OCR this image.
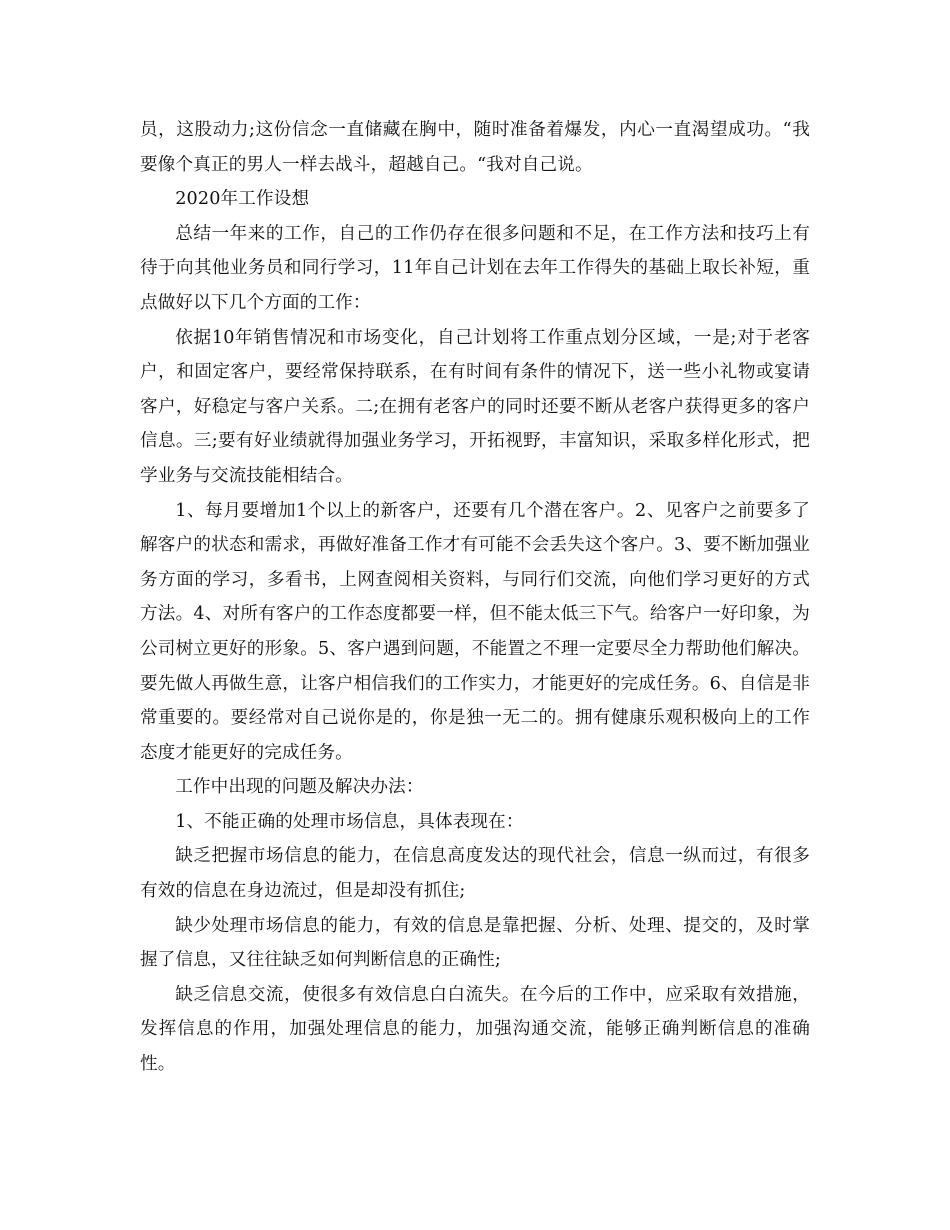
员，这股动力;这份信念一直储藏在胸中，随时准备着爆发，内心一直渴望成功。“我要像个真正的男人一样去战斗，超越自己。“我对自己说。

2020年工作设想

总结一年来的工作，自己的工作仍存在很多问题和不足，在工作方法和技巧上有待于向其他业务员和同行学习，11年自己计划在去年工作得失的基础上取长补短，重点做好以下几个方面的工作：

依据10年销售情况和市场变化，自己计划将工作重点划分区域，一是;对于老客户，和固定客户，要经常保持联系，在有时间有条件的情况下，送一些小礼物或宴请客户，好稳定与客户关系。二;在拥有老客户的同时还要不断从老客户获得更多的客户信息。三;要有好业绩就得加强业务学习，开拓视野，丰富知识，采取多样化形式，把学业务与交流技能相结合。

1、每月要增加1个以上的新客户，还要有几个潜在客户。2、见客户之前要多了解客户的状态和需求，再做好准备工作才有可能不会丢失这个客户。3、要不断加强业务方面的学习，多看书，上网查阅相关资料，与同行们交流，向他们学习更好的方式方法。4、对所有客户的工作态度都要一样，但不能太低三下气。给客户一好印象，为公司树立更好的形象。5、客户遇到问题，不能置之不理一定要尽全力帮助他们解决。要先做人再做生意，让客户相信我们的工作实力，才能更好的完成任务。6、自信是非常重要的。要经常对自己说你是的，你是独一无二的。拥有健康乐观积极向上的工作态度才能更好的完成任务。

工作中出现的问题及解决办法：

1、不能正确的处理市场信息，具体表现在：

缺乏把握市场信息的能力，在信息高度发达的现代社会，信息一纵而过，有很多有效的信息在身边流过，但是却没有抓住;

缺少处理市场信息的能力，有效的信息是靠把握、分析、处理、提交的，及时掌握了信息，又往往缺乏如何判断信息的正确性;

缺乏信息交流，使很多有效信息白白流失。在今后的工作中，应采取有效措施，发挥信息的作用，加强处理信息的能力，加强沟通交流，能够正确判断信息的准确性。
